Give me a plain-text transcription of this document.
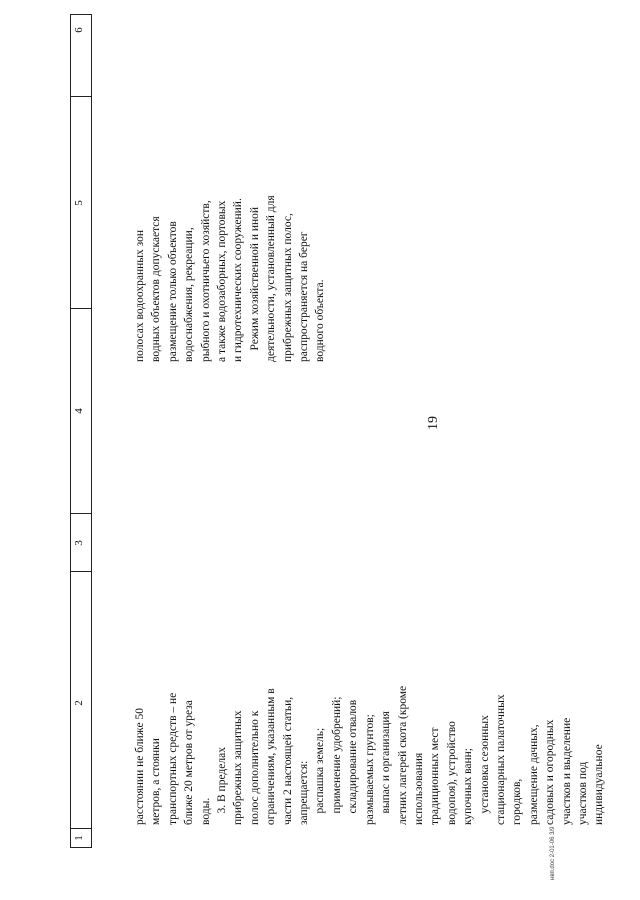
19
1
2
3
4
5
6
расстоянии не ближе 50 метров, а стоянки транспортных средств – не ближе 20 метров от уреза воды. 3. В пределах прибрежных защитных полос дополнительно к ограничениям, указанным в части 2 настоящей статьи, запрещается: распашка земель; применение удобрений; складирование отвалов размываемых грунтов; выпас и организация летних лагерей скота (кроме использования традиционных мест водопоя), устройство купочных ванн; установка сезонных стационарных палаточных городков, размещение дачных, садовых и огородных участков и выделение участков под индивидуальное
полосах водоохранных зон водных объектов допускается размещение только объектов водоснабжения, рекреации, рыбного и охотничьего хозяйств, а также водозаборных, портовых и гидротехнических сооружений. Режим хозяйственной и иной деятельности, установленный для прибрежных защитных полос, распространяется на берег водного объекта.
нвп.doc 2-01-06 3/9
